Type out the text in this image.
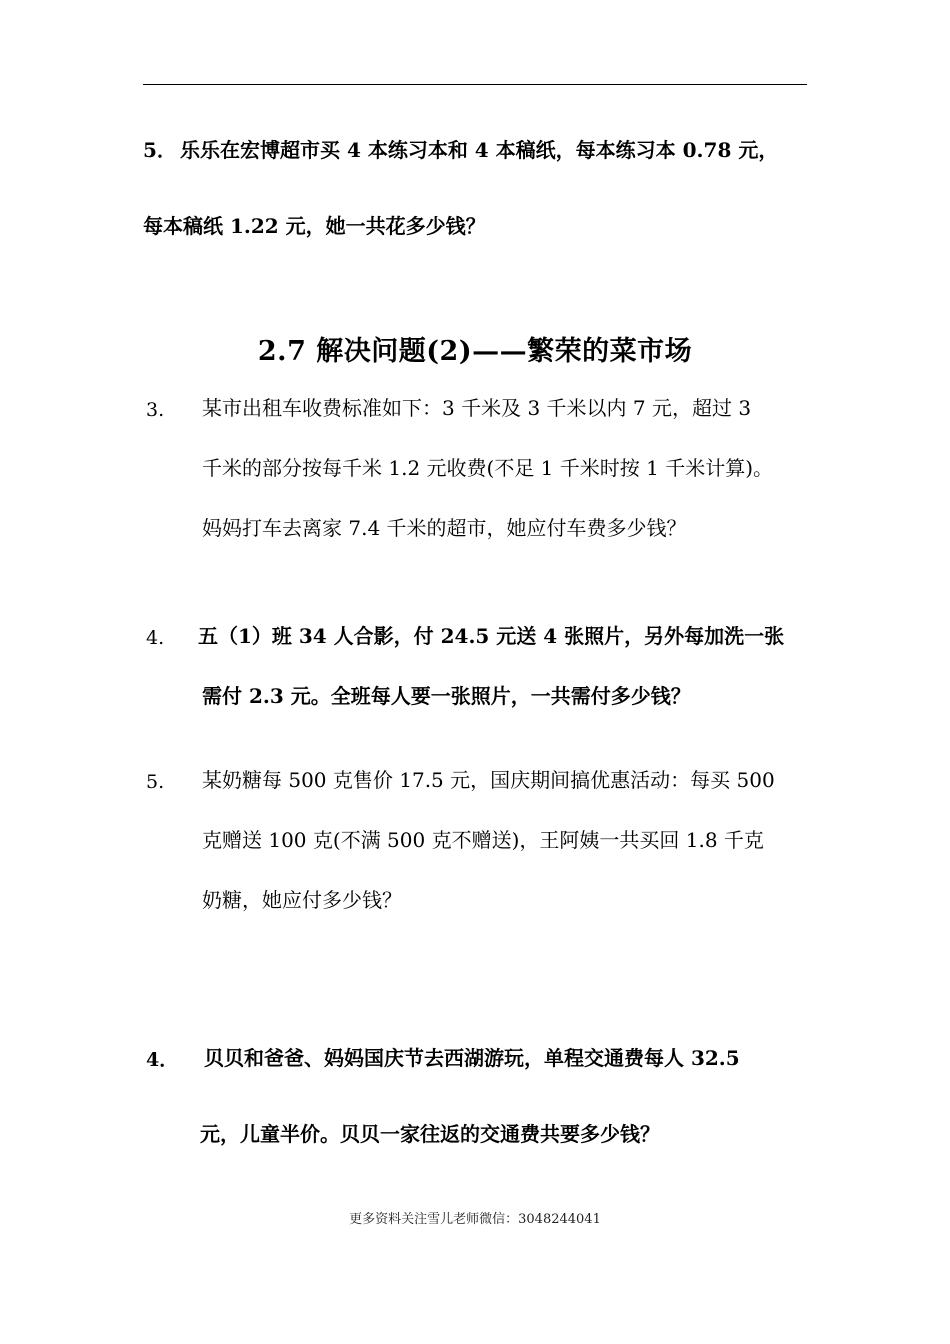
5． 乐乐在宏博超市买 4 本练习本和 4 本稿纸，每本练习本 0.78 元，
每本稿纸 1.22 元，她一共花多少钱？
2.7 解决问题(2)——繁荣的菜市场
3. 某市出租车收费标准如下：3 千米及 3 千米以内 7 元，超过 3
千米的部分按每千米 1.2 元收费(不足 1 千米时按 1 千米计算)。
妈妈打车去离家 7.4 千米的超市，她应付车费多少钱？
4. 五（1）班 34 人合影，付 24.5 元送 4 张照片，另外每加洗一张
需付 2.3 元。全班每人要一张照片，一共需付多少钱？
5. 某奶糖每 500 克售价 17.5 元，国庆期间搞优惠活动：每买 500
克赠送 100 克(不满 500 克不赠送)，王阿姨一共买回 1.8 千克
奶糖，她应付多少钱？
4． 贝贝和爸爸、妈妈国庆节去西湖游玩，单程交通费每人 32.5
元，儿童半价。贝贝一家往返的交通费共要多少钱？
更多资料关注雪儿老师微信：3048244041
